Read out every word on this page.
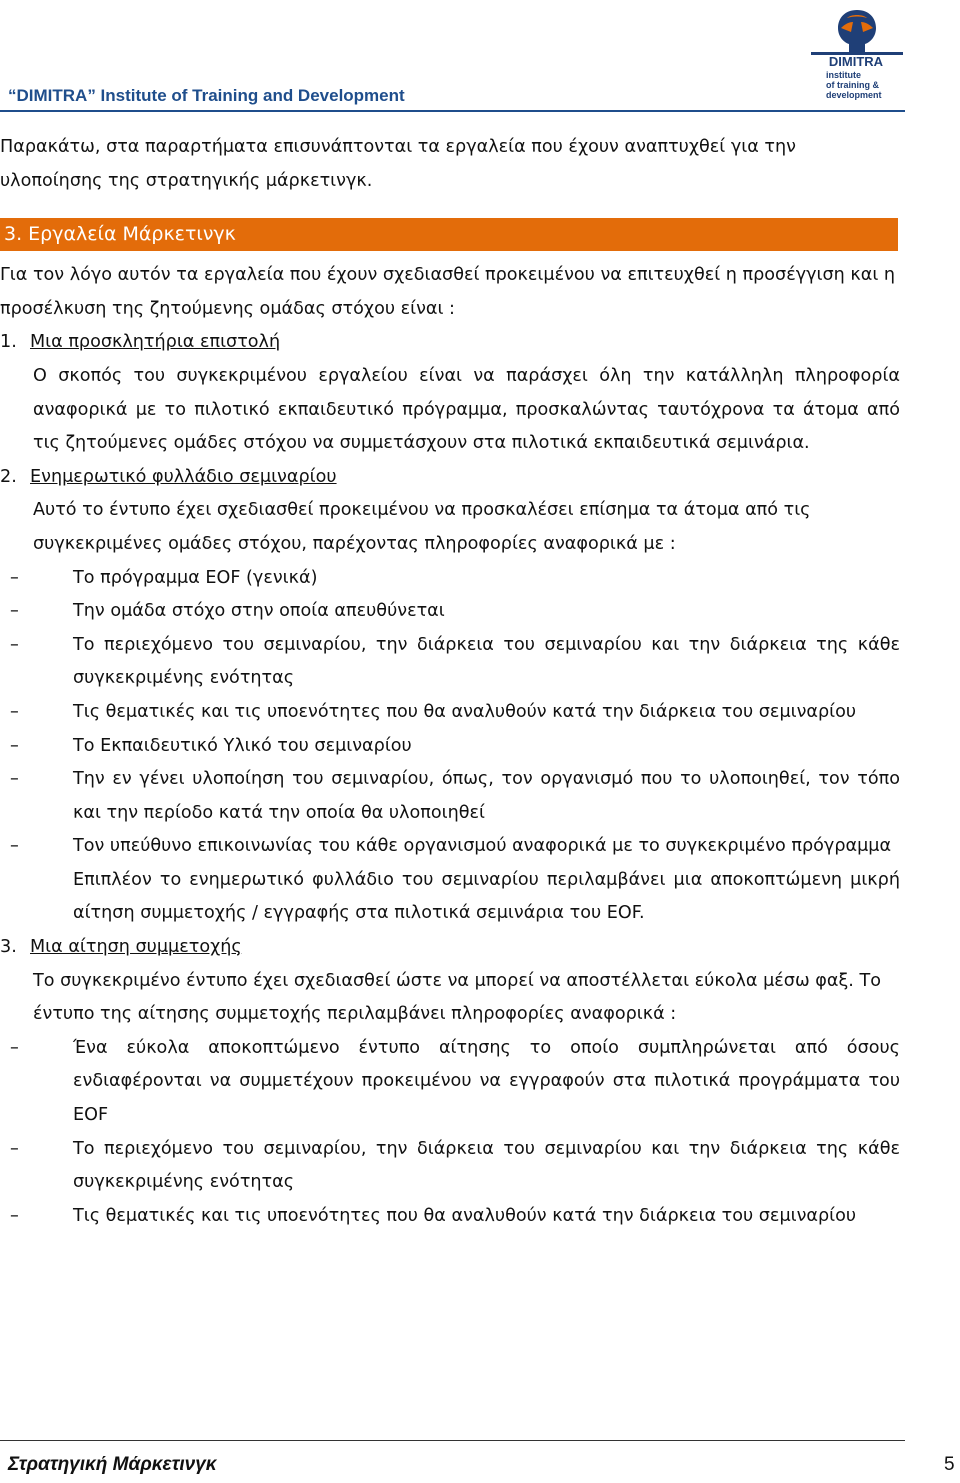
DIMITRA
institute
of training &
development
“DIMITRA” Institute of Training and Development

Παρακάτω, στα παραρτήματα επισυνάπτονται τα εργαλεία που έχουν αναπτυχθεί για την υλοποίησης της στρατηγικής μάρκετινγκ.

3. Εργαλεία Μάρκετινγκ

Για τον λόγο αυτόν τα εργαλεία που έχουν σχεδιασθεί προκειμένου να επιτευχθεί η προσέγγιση και η προσέλκυση της ζητούμενης ομάδας στόχου είναι :

1. Μια προσκλητήρια επιστολή

Ο σκοπός του συγκεκριμένου εργαλείου είναι να παράσχει όλη την κατάλληλη πληροφορία αναφορικά με το πιλοτικό εκπαιδευτικό πρόγραμμα, προσκαλώντας ταυτόχρονα τα άτομα από τις ζητούμενες ομάδες στόχου να συμμετάσχουν στα πιλοτικά εκπαιδευτικά σεμινάρια.

2. Ενημερωτικό φυλλάδιο σεμιναρίου

Αυτό το έντυπο έχει σχεδιασθεί προκειμένου να προσκαλέσει επίσημα τα άτομα από τις συγκεκριμένες ομάδες στόχου, παρέχοντας πληροφορίες αναφορικά με :

–	Το πρόγραμμα EOF (γενικά)
–	Την ομάδα στόχο στην οποία απευθύνεται
–	Το περιεχόμενο του σεμιναρίου, την διάρκεια του σεμιναρίου και την διάρκεια της κάθε συγκεκριμένης ενότητας
–	Τις θεματικές και τις υποενότητες που θα αναλυθούν κατά την διάρκεια του σεμιναρίου
–	Το Εκπαιδευτικό Υλικό του σεμιναρίου
–	Την εν γένει υλοποίηση του σεμιναρίου, όπως, τον οργανισμό που το υλοποιηθεί, τον τόπο και την περίοδο κατά την οποία θα υλοποιηθεί
–	Τον υπεύθυνο επικοινωνίας του κάθε οργανισμού αναφορικά με το συγκεκριμένο πρόγραμμα

Επιπλέον το ενημερωτικό φυλλάδιο του σεμιναρίου περιλαμβάνει μια αποκοπτώμενη μικρή αίτηση συμμετοχής / εγγραφής στα πιλοτικά σεμινάρια του EOF.

3. Μια αίτηση συμμετοχής

Το συγκεκριμένο έντυπο έχει σχεδιασθεί ώστε να μπορεί να αποστέλλεται εύκολα μέσω φαξ. Το έντυπο της αίτησης συμμετοχής περιλαμβάνει πληροφορίες αναφορικά :

–	Ένα εύκολα αποκοπτώμενο έντυπο αίτησης το οποίο συμπληρώνεται από όσους ενδιαφέρονται να συμμετέχουν προκειμένου να εγγραφούν στα πιλοτικά προγράμματα του EOF
–	Το περιεχόμενο του σεμιναρίου, την διάρκεια του σεμιναρίου και την διάρκεια της κάθε συγκεκριμένης ενότητας
–	Τις θεματικές και τις υποενότητες που θα αναλυθούν κατά την διάρκεια του σεμιναρίου
Στρατηγική Μάρκετινγκ	5
